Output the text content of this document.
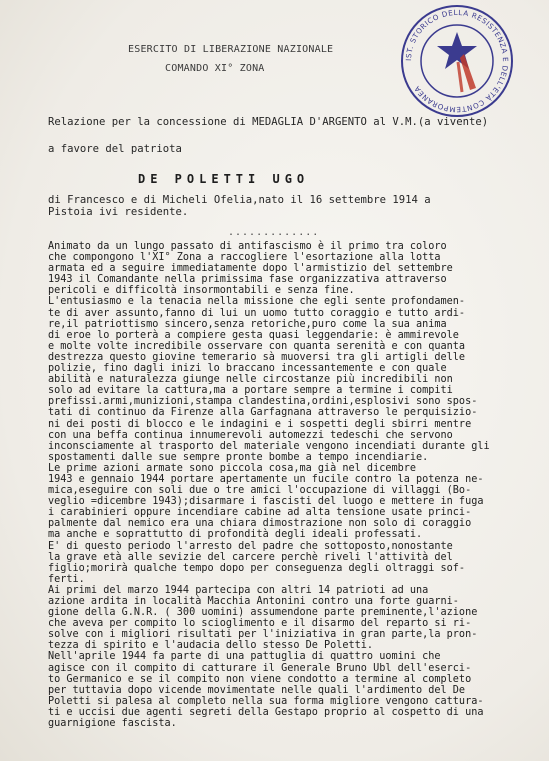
IST. STORICO DELLA RESISTENZA E DELL'ETÀ CONTEMPORANEA
ESERCITO DI LIBERAZIONE NAZIONALE
COMANDO XI° ZONA
Relazione per la concessione di MEDAGLIA D'ARGENTO al V.M.(a vivente)
a favore del patriota
DE POLETTI UGO
di Francesco e di Micheli Ofelia,nato il 16 settembre 1914 a
Pistoia ivi residente.
.............
Animato da un lungo passato di antifascismo è il primo tra coloro
che compongono l'XI° Zona a raccogliere l'esortazione alla lotta
armata ed a seguire immediatamente dopo l'armistizio del settembre
1943 il Comandante nella primissima fase organizzativa attraverso
pericoli e difficoltà insormontabili e senza fine.
L'entusiasmo e la tenacia nella missione che egli sente profondamen-
te di aver assunto,fanno di lui un uomo tutto coraggio e tutto ardi-
re,il patriottismo sincero,senza retoriche,puro come la sua anima
di eroe lo porterà a compiere gesta quasi leggendarie: è ammirevole
e molte volte incredibile osservare con quanta serenità e con quanta
destrezza questo giovine temerario sà muoversi tra gli artigli delle
polizie, fino dagli inizi lo braccano incessantemente e con quale
abilità e naturalezza giunge nelle circostanze più incredibili non
solo ad evitare la cattura,ma a portare sempre a termine i compiti
prefissi.armi,munizioni,stampa clandestina,ordini,esplosivi sono spos-
tati di continuo da Firenze alla Garfagnana attraverso le perquisizio-
ni dei posti di blocco e le indagini e i sospetti degli sbirri mentre
con una beffa continua innumerevoli automezzi tedeschi che servono
inconsciamente al trasporto del materiale vengono incendiati durante gli
spostamenti dalle sue sempre pronte bombe a tempo incendiarie.
Le prime azioni armate sono piccola cosa,ma già nel dicembre
1943 e gennaio 1944 portare apertamente un fucile contro la potenza ne-
mica,eseguire con soli due o tre amici l'occupazione di villaggi (Bo-
veglio =dicembre 1943);disarmare i fascisti del luogo e mettere in fuga
i carabinieri oppure incendiare cabine ad alta tensione usate princi-
palmente dal nemico era una chiara dimostrazione non solo di coraggio
ma anche e soprattutto di profondità degli ideali professati.
E' di questo periodo l'arresto del padre che sottoposto,nonostante
la grave età alle sevizie del carcere perchè riveli l'attività del
figlio;morirà qualche tempo dopo per conseguenza degli oltraggi sof-
ferti.
Ai primi del marzo 1944 partecipa con altri 14 patrioti ad una
azione ardita in località Macchia Antonini contro una forte guarni-
gione della G.N.R. ( 300 uomini) assumendone parte preminente,l'azione
che aveva per compito lo scioglimento e il disarmo del reparto si ri-
solve con i migliori risultati per l'iniziativa in gran parte,la pron-
tezza di spirito e l'audacia dello stesso De Poletti.
Nell'aprile 1944 fa parte di una pattuglia di quattro uomini che
agisce con il compito di catturare il Generale Bruno Ubl dell'eserci-
to Germanico e se il compito non viene condotto a termine al completo
per tuttavia dopo vicende movimentate nelle quali l'ardimento del De
Poletti si palesa al completo nella sua forma migliore vengono cattura-
ti e uccisi due agenti segreti della Gestapo proprio al cospetto di una
guarnigione fascista.
